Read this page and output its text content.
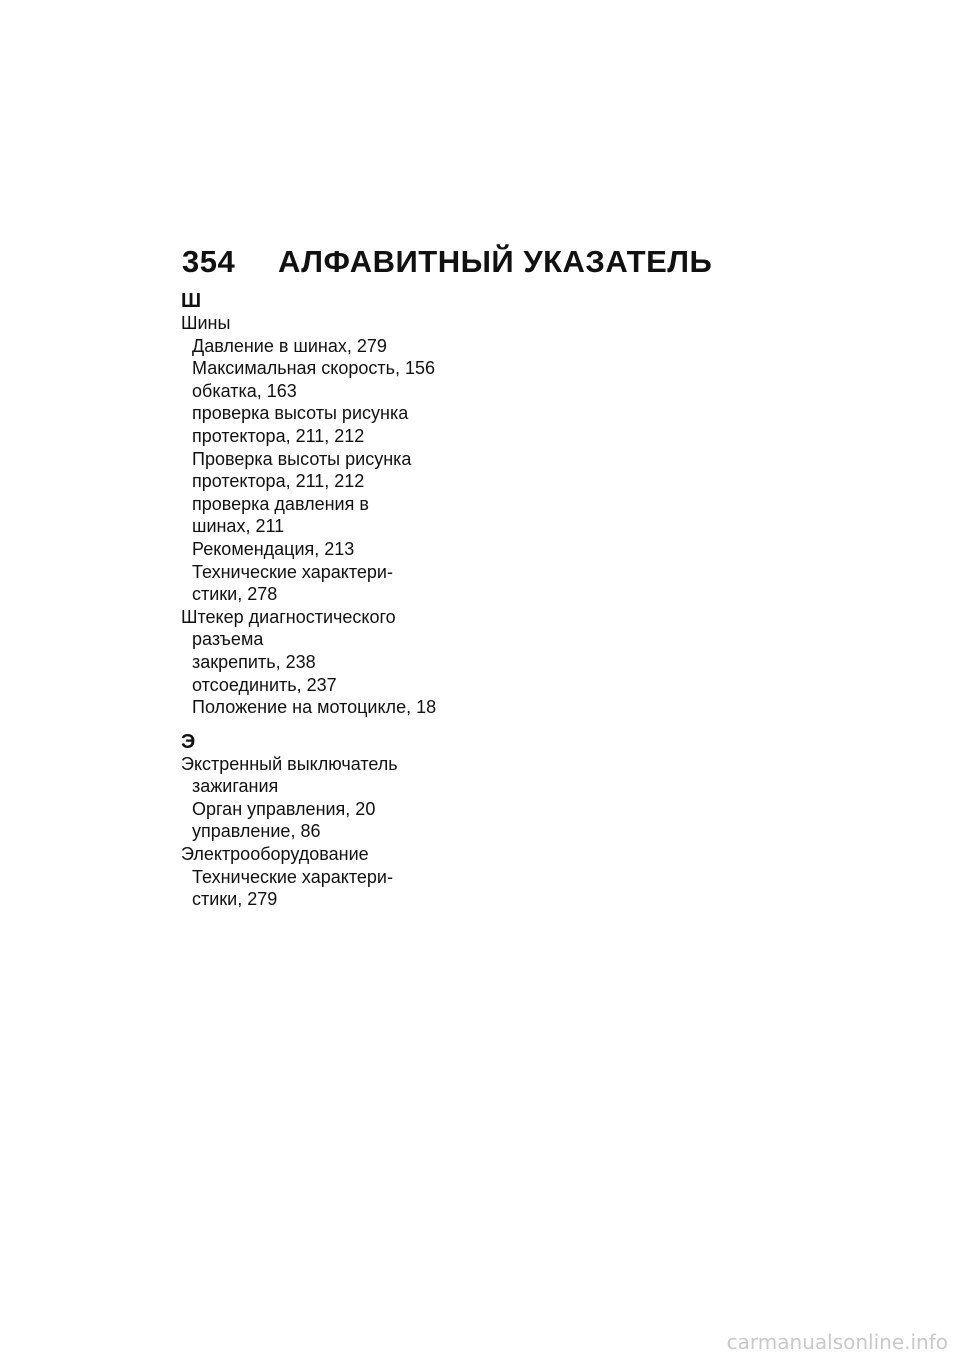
354	АЛФАВИТНЫЙ УКАЗАТЕЛЬ
Ш
Шины
Давление в шинах, 279
Максимальная скорость, 156
обкатка, 163
проверка высоты рисунка
протектора, 211, 212
Проверка высоты рисунка
протектора, 211, 212
проверка давления в
шинах, 211
Рекомендация, 213
Технические характери-
стики, 278
Штекер диагностического
разъема
закрепить, 238
отсоединить, 237
Положение на мотоцикле, 18
Э
Экстренный выключатель
зажигания
Орган управления, 20
управление, 86
Электрооборудование
Технические характери-
стики, 279
carmanualsonline.info
